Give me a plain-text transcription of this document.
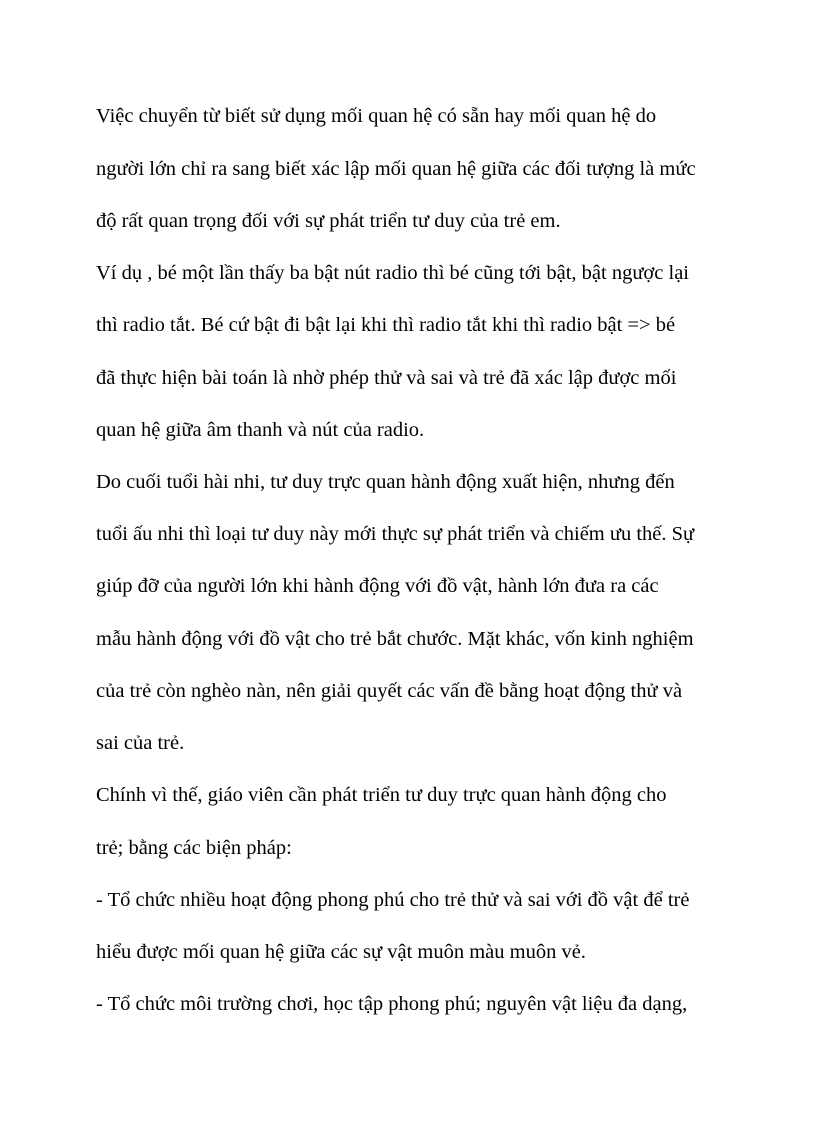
Việc chuyển từ biết sử dụng mối quan hệ có sẵn hay mối quan hệ do

người lớn chỉ ra sang biết xác lập mối quan hệ giữa các đối tượng là mức

độ rất quan trọng đối với sự phát triển tư duy của trẻ em.

Ví dụ , bé một lần thấy ba bật nút radio thì bé cũng tới bật, bật ngược lại

thì radio tắt. Bé cứ bật đi bật lại khi thì radio tắt khi thì radio bật => bé

đã thực hiện bài toán là nhờ phép thử và sai và trẻ đã xác lập được mối

quan hệ giữa âm thanh và nút của radio.

Do cuối tuổi hài nhi, tư duy trực quan hành động xuất hiện, nhưng đến

tuổi ấu nhi thì loại tư duy này mới thực sự phát triển và chiếm ưu thế. Sự

giúp đỡ của người lớn khi hành động với đồ vật, hành lớn đưa ra các

mẫu hành động với đồ vật cho trẻ bắt chước. Mặt khác, vốn kinh nghiệm

của trẻ còn nghèo nàn, nên giải quyết các vấn đề bằng hoạt động thử và

sai của trẻ.

Chính vì thế, giáo viên cần phát triển tư duy trực quan hành động cho

trẻ; bằng các biện pháp:

- Tổ chức nhiều hoạt động phong phú cho trẻ thử và sai với đồ vật để trẻ

hiểu được mối quan hệ giữa các sự vật muôn màu muôn vẻ.

- Tổ chức môi trường chơi, học tập phong phú; nguyên vật liệu đa dạng,
